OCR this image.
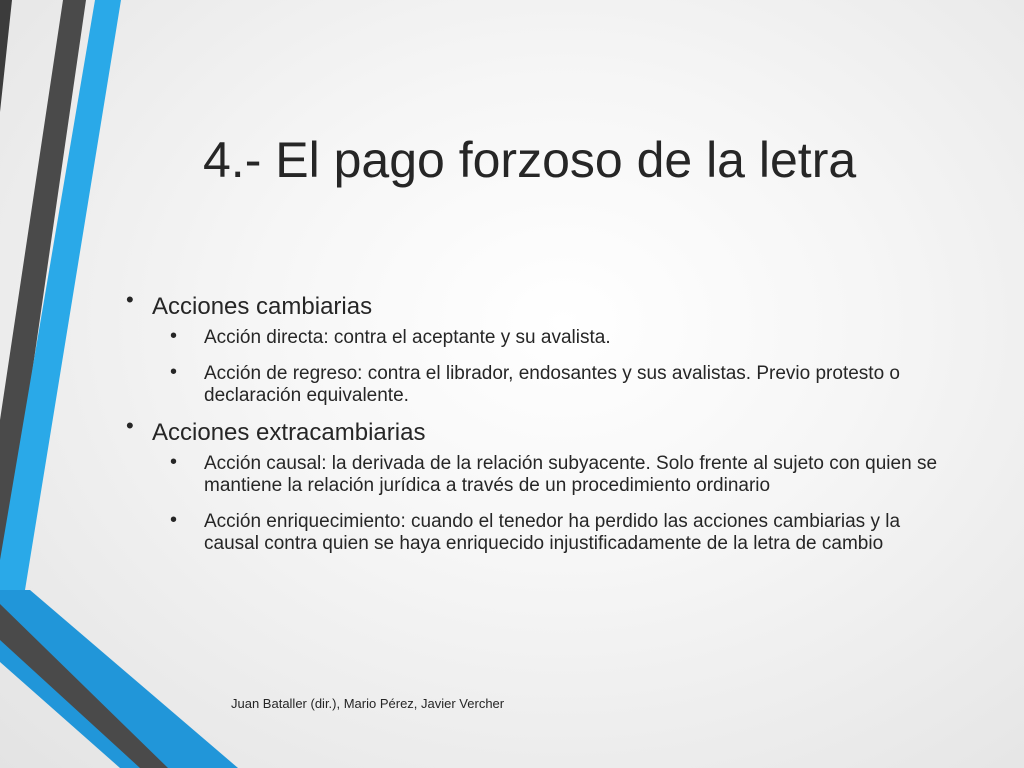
4.- El pago forzoso de la letra
• Acciones cambiarias
• Acción directa: contra el aceptante y su avalista.
• Acción de regreso: contra el librador, endosantes y sus avalistas. Previo protesto o declaración equivalente.
• Acciones extracambiarias
• Acción causal: la derivada de la relación subyacente. Solo frente al sujeto con quien se mantiene la relación jurídica a través de un procedimiento ordinario
• Acción enriquecimiento: cuando el tenedor ha perdido las acciones cambiarias y la causal contra quien se haya enriquecido injustificadamente de la letra de cambio
Juan Bataller (dir.), Mario Pérez, Javier Vercher
